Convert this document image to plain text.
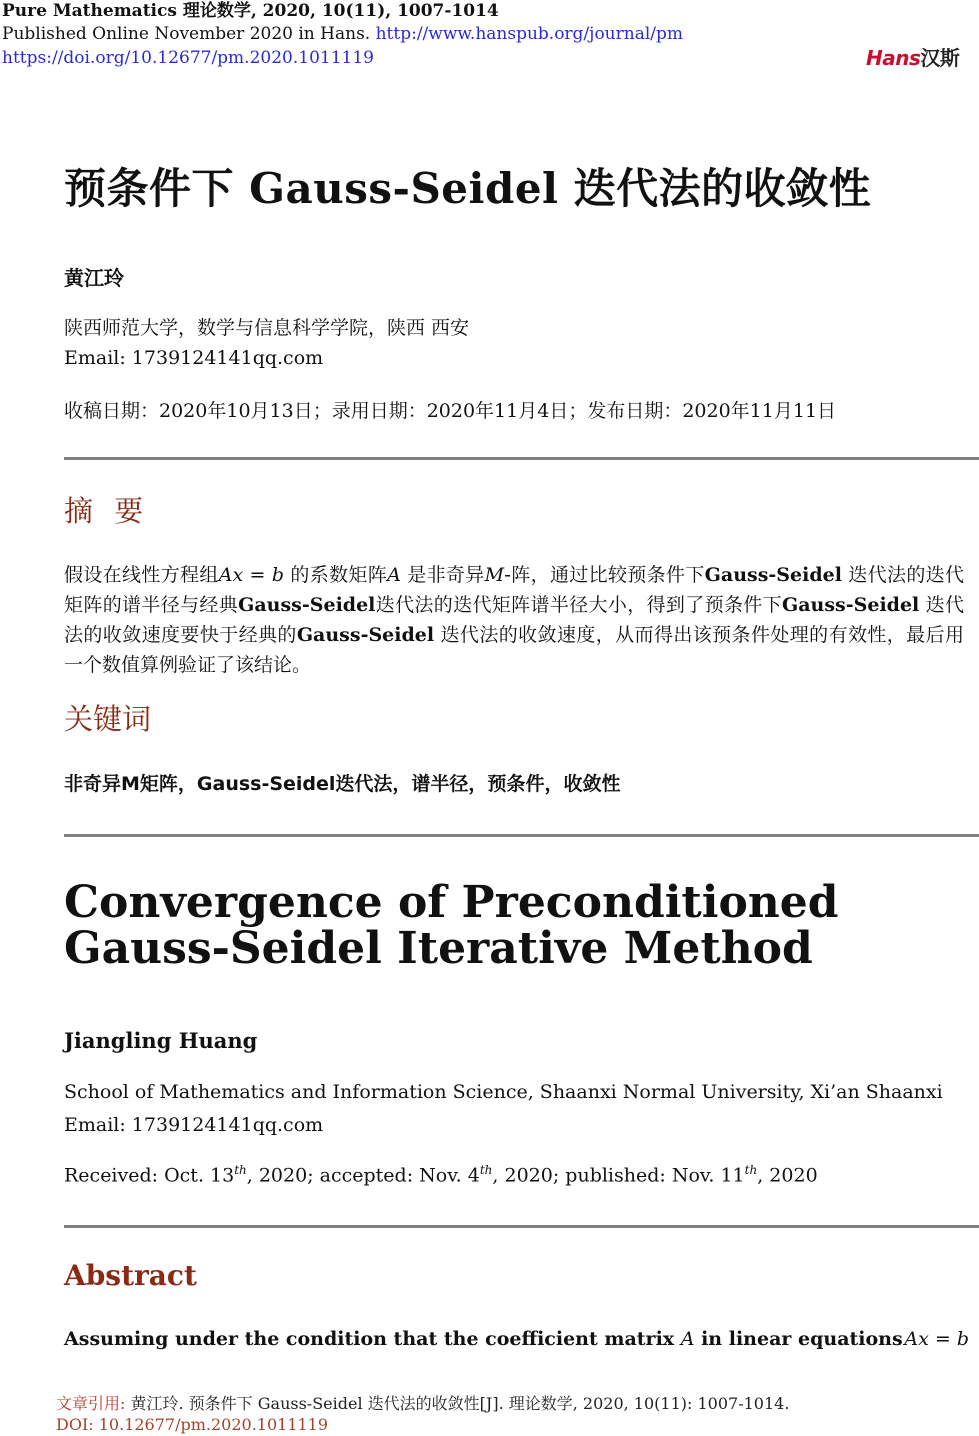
Pure Mathematics 理论数学, 2020, 10(11), 1007-1014
Published Online November 2020 in Hans. http://www.hanspub.org/journal/pm
https://doi.org/10.12677/pm.2020.1011119	Hans汉斯
预条件下 Gauss-Seidel 迭代法的收敛性
黄江玲
陕西师范大学，数学与信息科学学院，陕西 西安
Email: 1739124141qq.com
收稿日期：2020年10月13日；录用日期：2020年11月4日；发布日期：2020年11月11日
摘 要
假设在线性方程组Ax = b 的系数矩阵A 是非奇异M-阵，通过比较预条件下Gauss-Seidel 迭代法的迭代矩阵的谱半径与经典Gauss-Seidel迭代法的迭代矩阵谱半径大小，得到了预条件下Gauss-Seidel 迭代法的收敛速度要快于经典的Gauss-Seidel 迭代法的收敛速度，从而得出该预条件处理的有效性，最后用一个数值算例验证了该结论。
关键词
非奇异M矩阵，Gauss-Seidel迭代法，谱半径，预条件，收敛性
Convergence of Preconditioned Gauss-Seidel Iterative Method
Jiangling Huang
School of Mathematics and Information Science, Shaanxi Normal University, Xi’an Shaanxi
Email: 1739124141qq.com
Received: Oct. 13th, 2020; accepted: Nov. 4th, 2020; published: Nov. 11th, 2020
Abstract
Assuming under the condition that the coefficient matrix A in linear equations Ax = b
文章引用: 黄江玲. 预条件下 Gauss-Seidel 迭代法的收敛性[J]. 理论数学, 2020, 10(11): 1007-1014.
DOI: 10.12677/pm.2020.1011119
